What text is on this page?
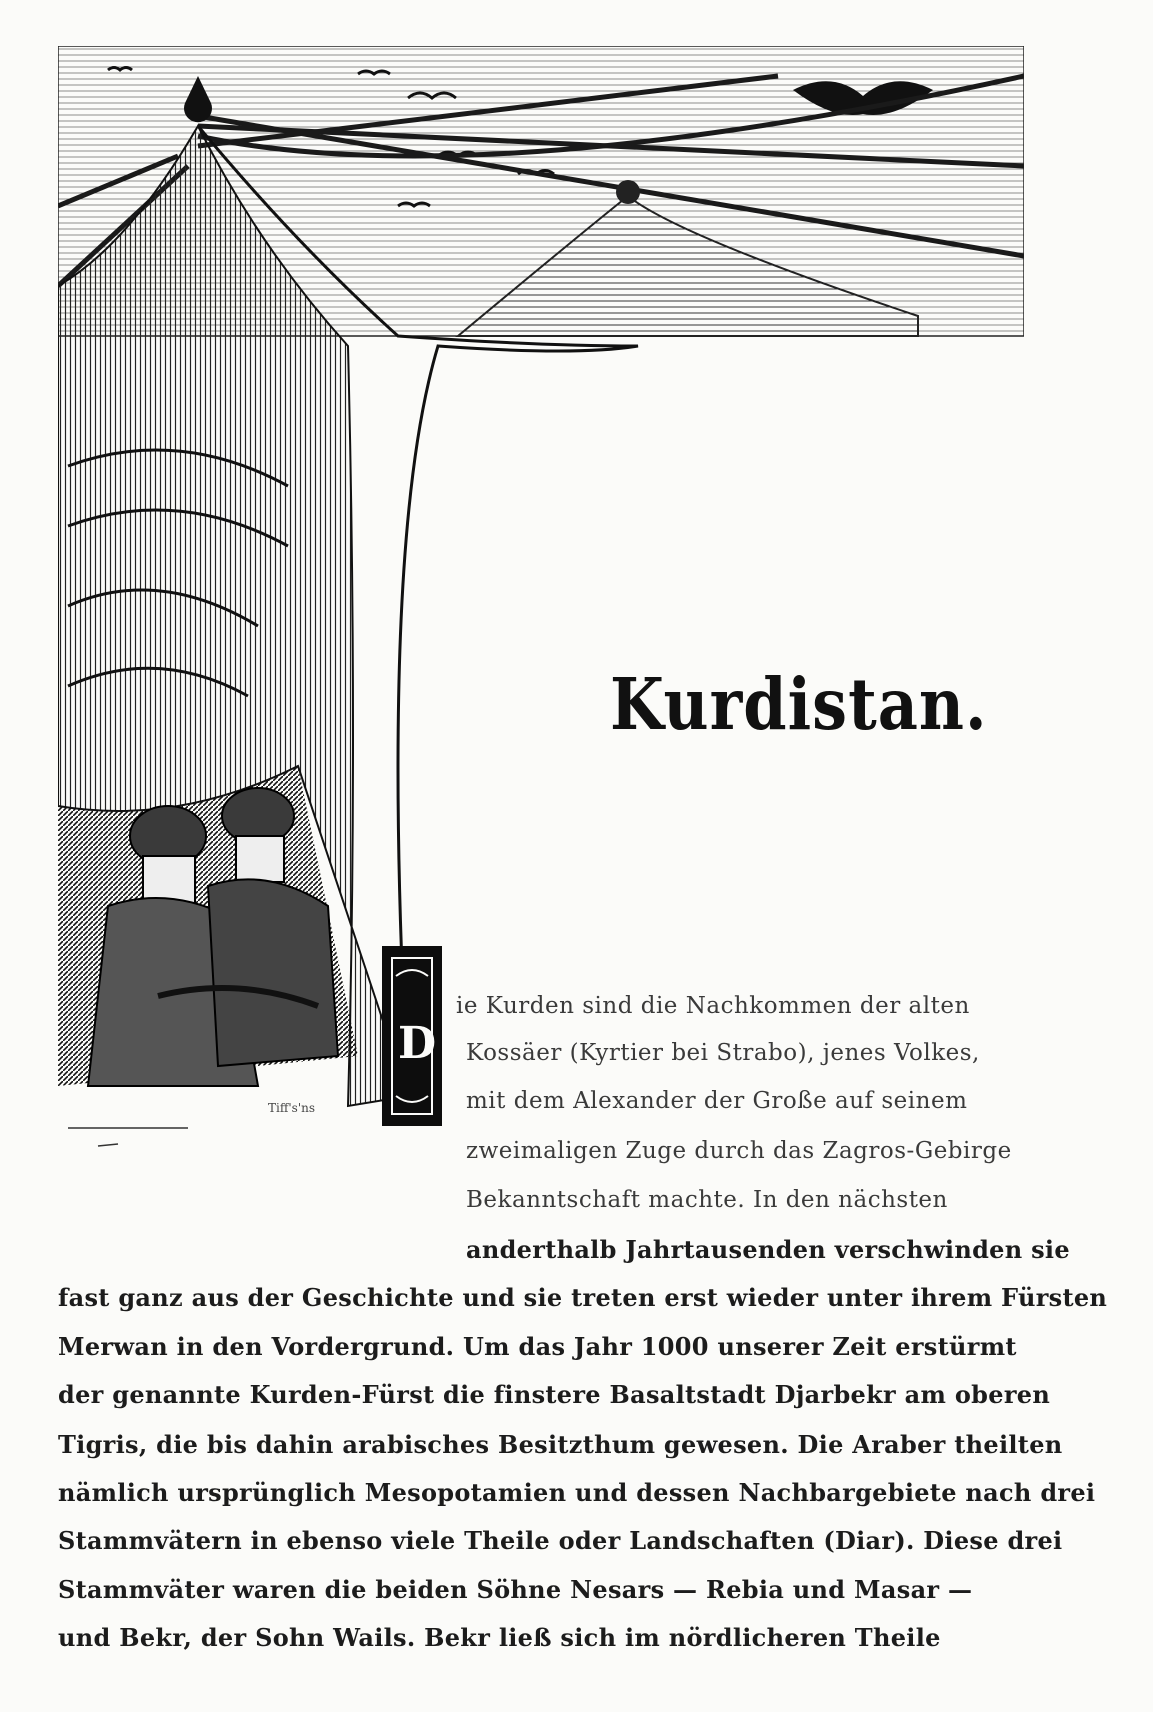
Tiff's'ns
Kurdistan.
D
ie Kurden sind die Nachkommen der alten
Kossäer (Kyrtier bei Strabo), jenes Volkes,
mit dem Alexander der Große auf seinem
zweimaligen Zuge durch das Zagros-Gebirge
Bekanntschaft machte. In den nächsten
anderthalb Jahrtausenden verschwinden sie
fast ganz aus der Geschichte und sie treten erst wieder unter ihrem Fürsten
Merwan in den Vordergrund. Um das Jahr 1000 unserer Zeit erstürmt
der genannte Kurden-Fürst die finstere Basaltstadt Djarbekr am oberen
Tigris, die bis dahin arabisches Besitzthum gewesen. Die Araber theilten
nämlich ursprünglich Mesopotamien und dessen Nachbargebiete nach drei
Stammvätern in ebenso viele Theile oder Landschaften (Diar). Diese drei
Stammväter waren die beiden Söhne Nesars — Rebia und Masar —
und Bekr, der Sohn Wails. Bekr ließ sich im nördlicheren Theile
